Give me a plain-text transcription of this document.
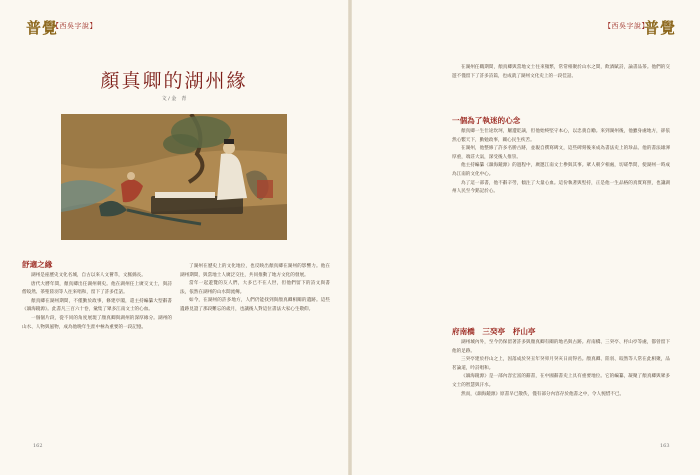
普覺
【西吳字說】
顏真卿的湖州緣
文 / 金　青
舒適之緣

湖州是座歷史文化名城，自古以來人文薈萃，文脈綿長。

唐代大曆年間，顏真卿出任湖州刺史。他在湖州任上廣交文士，與詩僧皎然、茶聖陸羽等人往來唱和，留下了許多佳話。

顏真卿在湖州期間，不僅勤於政事，修建亭閣，還主持編纂大型辭書《韻海鏡源》。此書凡三百六十卷，彙集了眾多江南文士的心血。

一個個片段，從不同的角度展現了顏真卿與湖州的深厚緣分。湖州的山水、人物與風物，成為他晚年生涯中極為重要的一段記憶。

了湖州在歷史上的文化地位，也反映出顏真卿在湖州的影響力。他在湖州期間，與當地士人廣泛交往，共同推動了地方文化的發展。

當年一起遊覽的友人們，大多已不在人世，但他們留下的詩文與書法，依然在湖州的山水間流傳。

如今，在湖州的許多地方，人們仍能找到與顏真卿相關的遺跡。這些遺跡見證了那段難忘的歲月，也讓後人對這位書法大家心生敬仰。

162
【西吳字說】
普覺

在湖州任職期間，顏真卿與當地文士往來頻繁，常常相聚於山水之間，飲酒賦詩，論書品茶。他們的交遊不僅留下了許多詩篇，也成就了湖州文化史上的一段佳話。

一個為了執迷的心念

顏真卿一生仕途坎坷，屢遭貶謫，但他始終堅守本心，以忠義自勵。來到湖州後，他雖身處地方，卻依然心繫天下，勤勉政事，關心民生疾苦。

在湖州，他整修了許多名勝古跡，並親自撰寫碑文，這些碑刻後來成為書法史上的珍品。他的書法雄渾厚重，端莊大氣，深受後人推崇。

他主持編纂《韻海鏡源》的過程中，廣邀江南文士參與其事。眾人朝夕相處，切磋學問，使湖州一時成為江南的文化中心。

為了這一部書，他不辭辛勞，傾注了大量心血。這份執著與堅持，正是他一生品格的真實寫照，也讓湖州人民至今銘記於心。

府南橋　三癸亭　杼山亭

湖州城內外，至今仍保留著許多與顏真卿有關的地名與古跡。府南橋、三癸亭、杼山亭等處，都曾留下他的足跡。

三癸亭建於杼山之上，因落成於癸丑年癸卯月癸亥日而得名。顏真卿、陸羽、皎然等人常在此相聚，品茗論道，吟詩唱和。

《韻海鏡源》是一部內容宏富的辭書，在中國辭書史上具有重要地位。它的編纂，凝聚了顏真卿與眾多文士的智慧與汗水。

然而，《韻海鏡源》原書早已散佚，僅有部分內容存於他書之中，令人惋惜不已。

163
